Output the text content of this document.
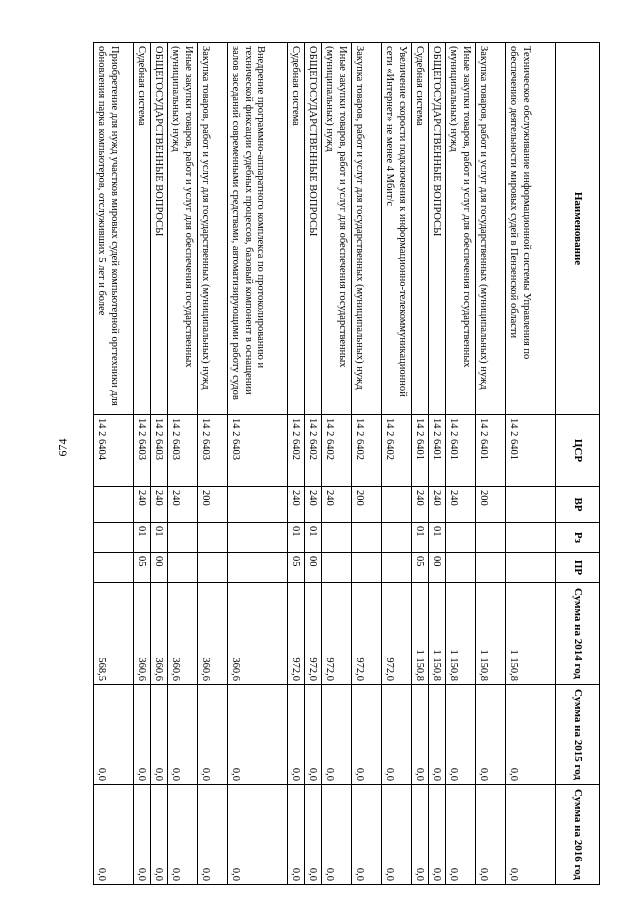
674
Наименование	ЦСР	ВР	Рз	ПР	Сумма на 2014 год	Сумма на 2015 год	Сумма на 2016 год
Техническое обслуживание информационной системы Управления по обеспечению деятельности мировых судей в Пензенской области	14 2 6401				1 150,8	0,0	0,0
Закупка товаров, работ и услуг для государственных (муниципальных) нужд	14 2 6401	200			1 150,8	0,0	0,0
Иные закупки товаров, работ и услуг для обеспечения государственных (муниципальных) нужд	14 2 6401	240			1 150,8	0,0	0,0
ОБЩЕГОСУДАРСТВЕННЫЕ ВОПРОСЫ	14 2 6401	240	01	00	1 150,8	0,0	0,0
Судебная система	14 2 6401	240	01	05	1 150,8	0,0	0,0
Увеличение скорости подключения к информационно-телекоммуникационной сети «Интернет» не менее 4 Мбит/с	14 2 6402				972,0	0,0	0,0
Закупка товаров, работ и услуг для государственных (муниципальных) нужд	14 2 6402	200			972,0	0,0	0,0
Иные закупки товаров, работ и услуг для обеспечения государственных (муниципальных) нужд	14 2 6402	240			972,0	0,0	0,0
ОБЩЕГОСУДАРСТВЕННЫЕ ВОПРОСЫ	14 2 6402	240	01	00	972,0	0,0	0,0
Судебная система	14 2 6402	240	01	05	972,0	0,0	0,0
Внедрение программно-аппаратного комплекса по протоколированию и технической фиксации судебных процессов, базовый компонент в оснащении залов заседаний современными средствами, автоматизирующими работу судов	14 2 6403				360,6	0,0	0,0
Закупка товаров, работ и услуг для государственных (муниципальных) нужд	14 2 6403	200			360,6	0,0	0,0
Иные закупки товаров, работ и услуг для обеспечения государственных (муниципальных) нужд	14 2 6403	240			360,6	0,0	0,0
ОБЩЕГОСУДАРСТВЕННЫЕ ВОПРОСЫ	14 2 6403	240	01	00	360,6	0,0	0,0
Судебная система	14 2 6403	240	01	05	360,6	0,0	0,0
Приобретение для нужд участков мировых судей компьютерной оргтехники для обновления парка компьютеров, отслуживших 5 лет и более	14 2 6404				568,5	0,0	0,0
